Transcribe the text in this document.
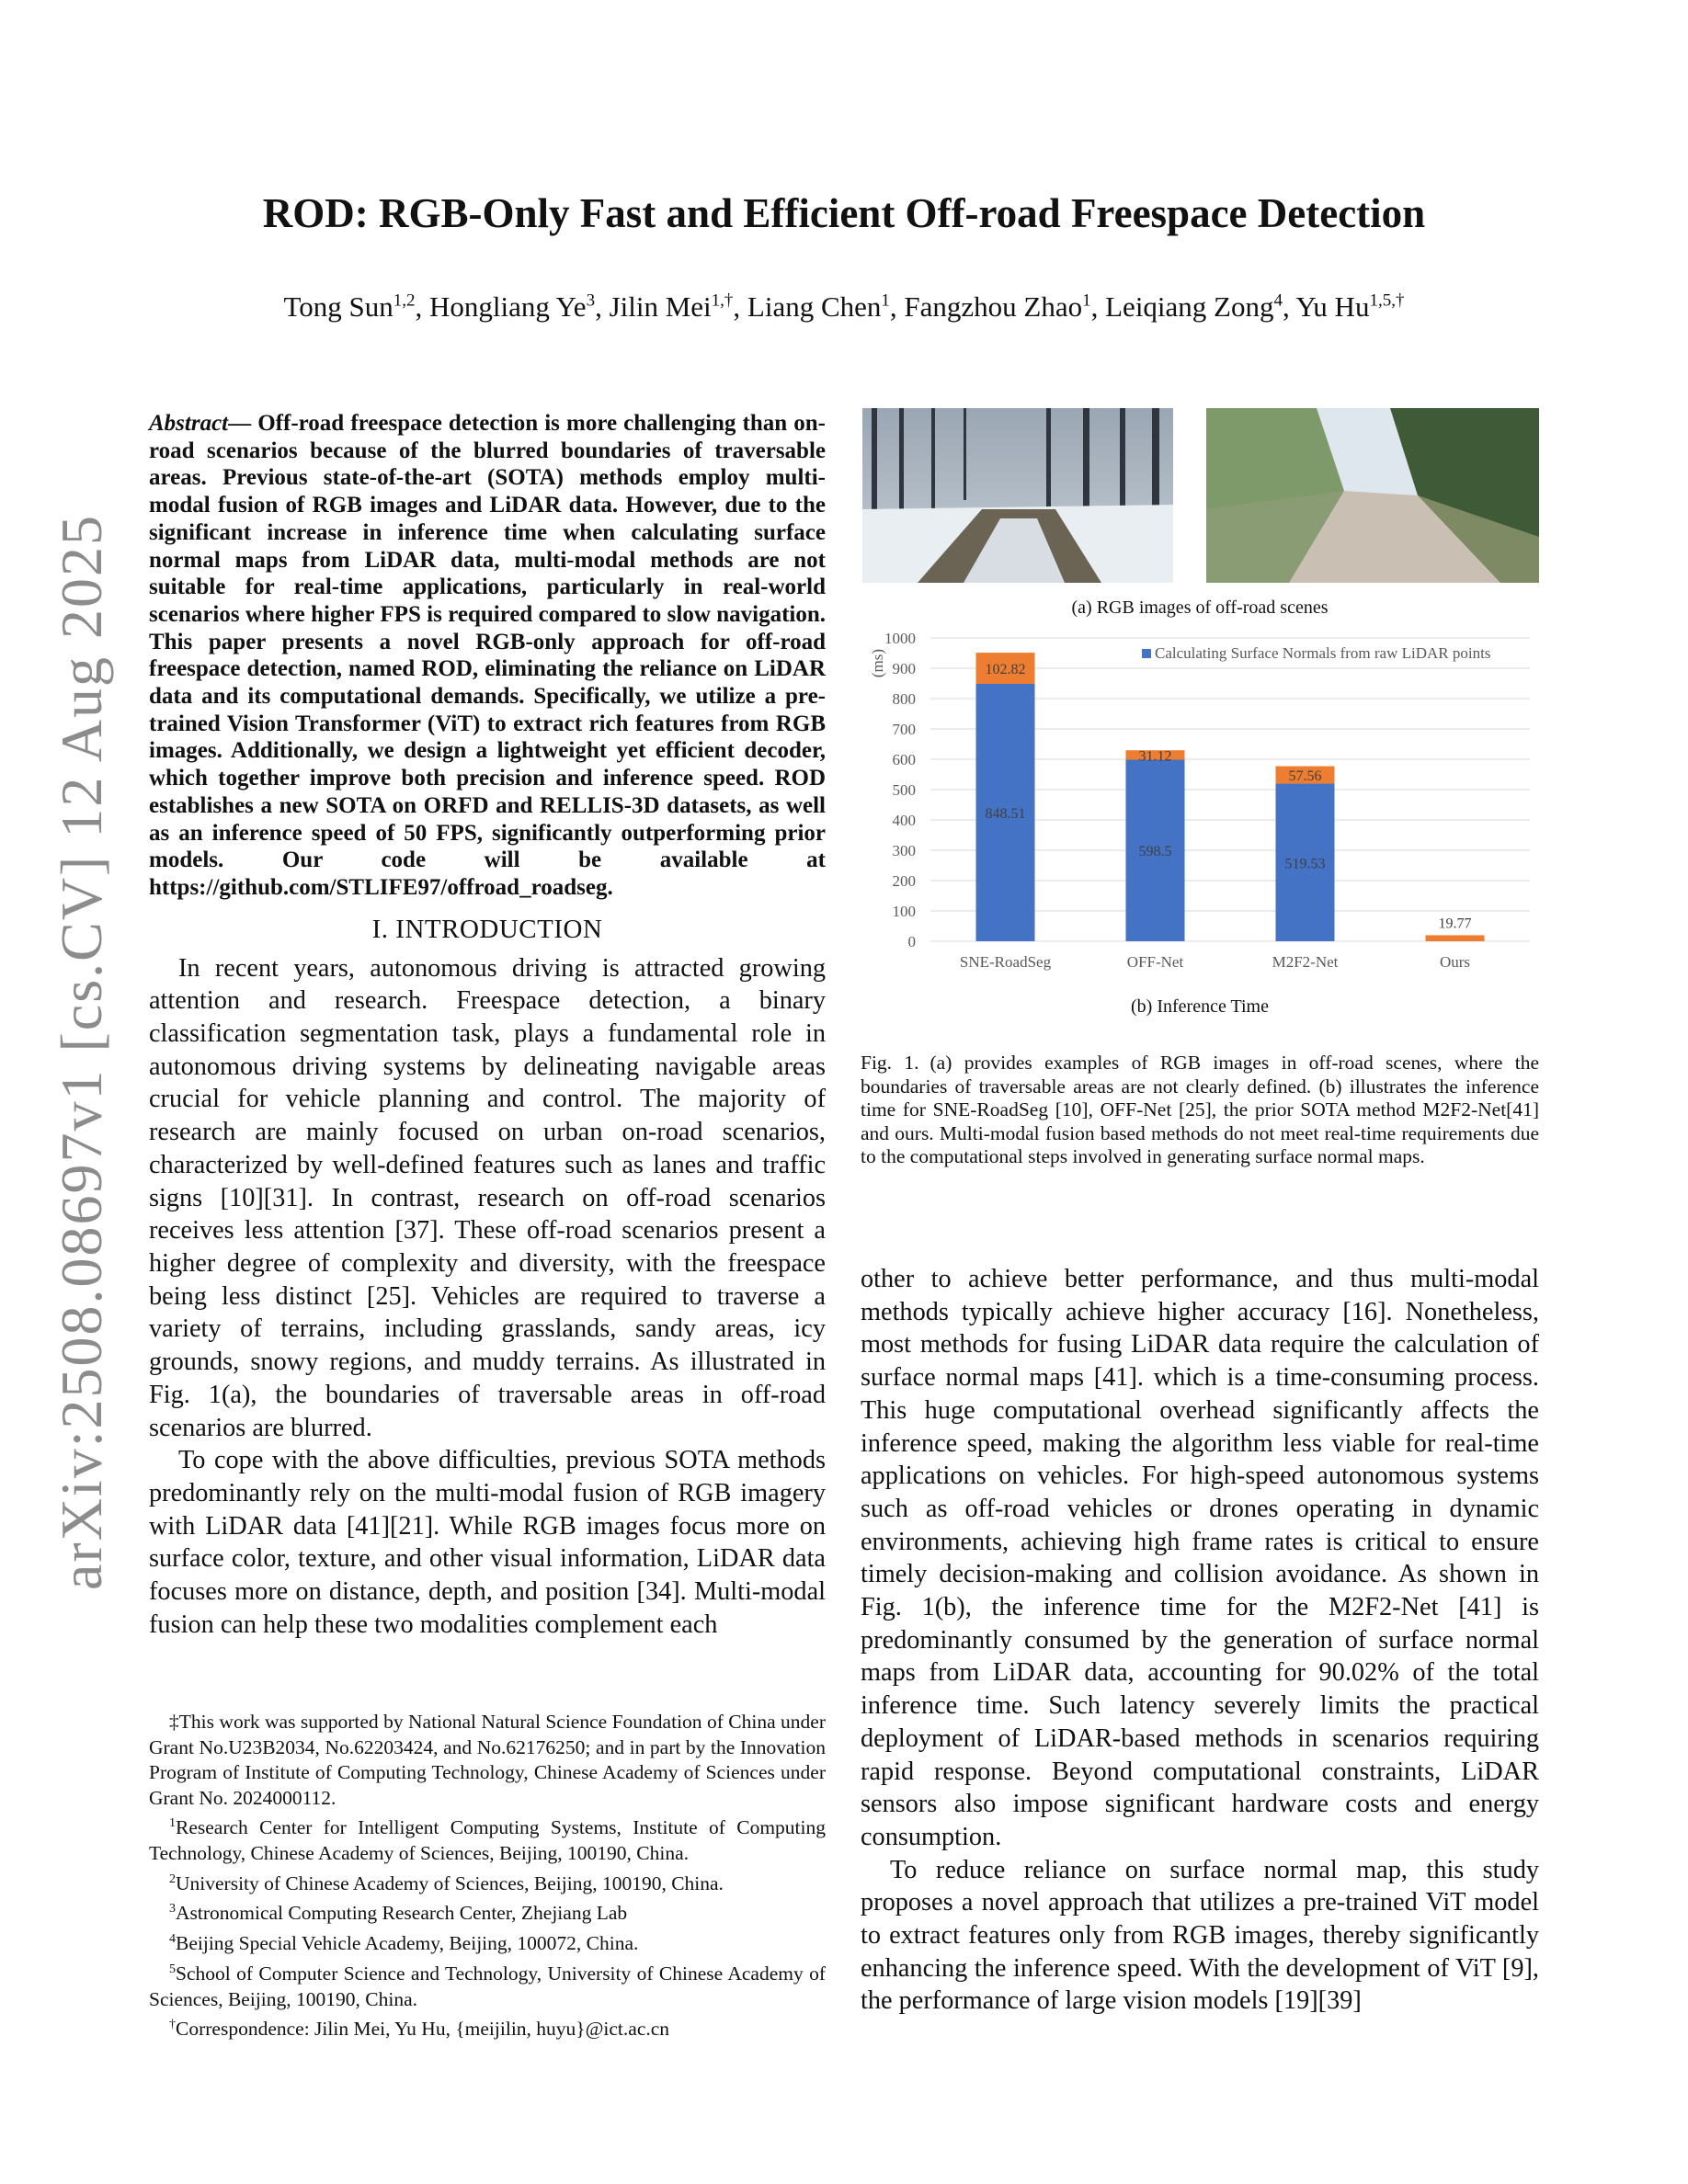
arXiv:2508.08697v1 [cs.CV] 12 Aug 2025
ROD: RGB-Only Fast and Efficient Off-road Freespace Detection
Tong Sun$^{1,2}$, Hongliang Ye$^3$, Jilin Mei$^{1,\dagger}$, Liang Chen$^1$, Fangzhou Zhao$^1$, Leiqiang Zong$^4$, Yu $Hu^{1,5,\dagger}$
Abstract— Off-road freespace detection is more challenging than on-road scenarios because of the blurred boundaries of traversable areas. Previous state-of-the-art (SOTA) methods employ multi-modal fusion of RGB images and LiDAR data. However, due to the significant increase in inference time when calculating surface normal maps from LiDAR data, multi-modal methods are not suitable for real-time applications, particularly in real-world scenarios where higher FPS is required compared to slow navigation. This paper presents a novel RGB-only approach for off-road freespace detection, named ROD, eliminating the reliance on LiDAR data and its computational demands. Specifically, we utilize a pre-trained Vision Transformer (ViT) to extract rich features from RGB images. Additionally, we design a lightweight yet efficient decoder, which together improve both precision and inference speed. ROD establishes a new SOTA on ORFD and RELLIS-3D datasets, as well as an inference speed of 50 FPS, significantly outperforming prior models. Our code will be available at https://github.com/STLIFE97/offroad_roadseg.
I. INTRODUCTION

In recent years, autonomous driving is attracted growing attention and research. Freespace detection, a binary classification segmentation task, plays a fundamental role in autonomous driving systems by delineating navigable areas crucial for vehicle planning and control. The majority of research are mainly focused on urban on-road scenarios, characterized by well-defined features such as lanes and traffic signs [10][31]. In contrast, research on off-road scenarios receives less attention [37]. These off-road scenarios present a higher degree of complexity and diversity, with the freespace being less distinct [25]. Vehicles are required to traverse a variety of terrains, including grasslands, sandy areas, icy grounds, snowy regions, and muddy terrains. As illustrated in Fig. 1(a), the boundaries of traversable areas in off-road scenarios are blurred.

To cope with the above difficulties, previous SOTA methods predominantly rely on the multi-modal fusion of RGB imagery with LiDAR data [41][21]. While RGB images focus more on surface color, texture, and other visual information, LiDAR data focuses more on distance, depth, and position [34]. Multi-modal fusion can help these two modalities complement each

‡This work was supported by National Natural Science Foundation of China under Grant No.U23B2034, No.62203424, and No.62176250; and in part by the Innovation Program of Institute of Computing Technology, Chinese Academy of Sciences under Grant No. 2024000112.

$^1$Research Center for Intelligent Computing Systems, Institute of Computing Technology, Chinese Academy of Sciences, Beijing, 100190, China.

$^2$University of Chinese Academy of Sciences, Beijing, 100190, China.

$^3$Astronomical Computing Research Center, Zhejiang Lab

$^4$Beijing Special Vehicle Academy, Beijing, 100072, China.

$^5$School of Computer Science and Technology, University of Chinese Academy of Sciences, Beijing, 100190, China.

†Correspondence: Jilin Mei, Yu Hu, {meijilin, huyu}@ict.ac.cn

(a) RGB images of off-road scenes
0
100
200
300
400
500
600
700
800
900
1000
(ms)
848.51
102.82
SNE-RoadSeg
598.5
31.12
OFF-Net
519.53
57.56
M2F2-Net
19.77
Ours
Calculating Surface Normals from raw LiDAR points
(b) Inference Time
Fig. 1. (a) provides examples of RGB images in off-road scenes, where the boundaries of traversable areas are not clearly defined. (b) illustrates the inference time for SNE-RoadSeg [10], OFF-Net [25], the prior SOTA method M2F2-Net[41] and ours. Multi-modal fusion based methods do not meet real-time requirements due to the computational steps involved in generating surface normal maps.

other to achieve better performance, and thus multi-modal methods typically achieve higher accuracy [16]. Nonetheless, most methods for fusing LiDAR data require the calculation of surface normal maps [41]. which is a time-consuming process. This huge computational overhead significantly affects the inference speed, making the algorithm less viable for real-time applications on vehicles. For high-speed autonomous systems such as off-road vehicles or drones operating in dynamic environments, achieving high frame rates is critical to ensure timely decision-making and collision avoidance. As shown in Fig. 1(b), the inference time for the M2F2-Net [41] is predominantly consumed by the generation of surface normal maps from LiDAR data, accounting for 90.02% of the total inference time. Such latency severely limits the practical deployment of LiDAR-based methods in scenarios requiring rapid response. Beyond computational constraints, LiDAR sensors also impose significant hardware costs and energy consumption.

To reduce reliance on surface normal map, this study proposes a novel approach that utilizes a pre-trained ViT model to extract features only from RGB images, thereby significantly enhancing the inference speed. With the development of ViT [9], the performance of large vision models [19][39]
